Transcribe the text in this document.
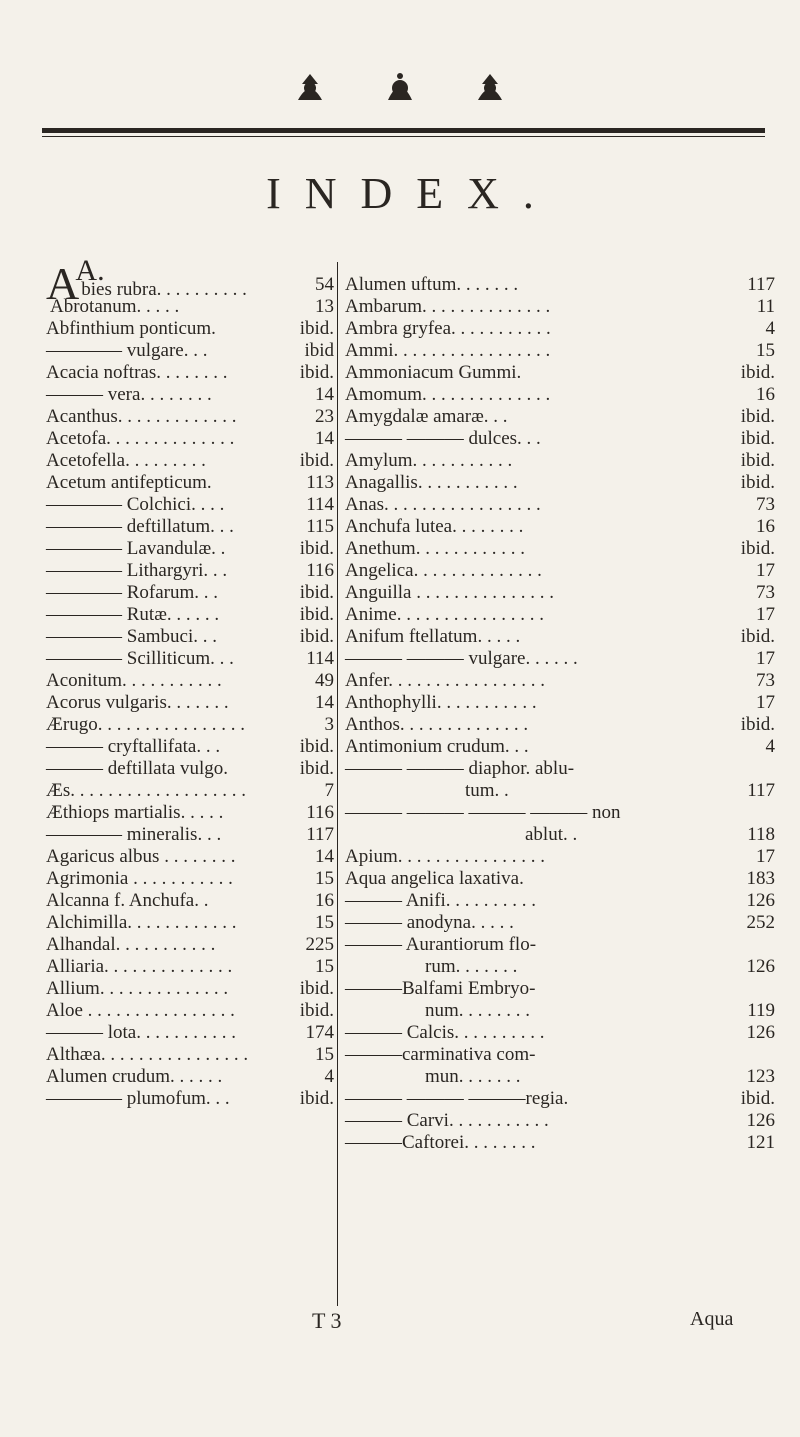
INDEX.
A.
Abies rubra. . . . . . . . . .	54
Abrotanum. . . . .	13
Abfinthium ponticum.	ibid.
———— vulgare. . .	ibid
Acacia noftras. . . . . . . .	ibid.
——— vera. . . . . . . .	14
Acanthus. . . . . . . . . . . . .	23
Acetofa. . . . . . . . . . . . . .	14
Acetofella. . . . . . . . .	ibid.
Acetum antifepticum.	113
———— Colchici. . . .	114
———— deftillatum. . .	115
———— Lavandulæ. .	ibid.
———— Lithargyri. . .	116
———— Rofarum. . .	ibid.
———— Rutæ. . . . . .	ibid.
———— Sambuci. . .	ibid.
———— Scilliticum. . .	114
Aconitum. . . . . . . . . . .	49
Acorus vulgaris. . . . . . .	14
Ærugo. . . . . . . . . . . . . . . .	3
——— cryftallifata. . .	ibid.
——— deftillata vulgo.	ibid.
Æs. . . . . . . . . . . . . . . . . . .	7
Æthiops martialis. . . . .	116
———— mineralis. . .	117
Agaricus albus . . . . . . . .	14
Agrimonia . . . . . . . . . . .	15
Alcanna f. Anchufa. .	16
Alchimilla. . . . . . . . . . . .	15
Alhandal. . . . . . . . . . .	225
Alliaria. . . . . . . . . . . . . .	15
Allium. . . . . . . . . . . . . .	ibid.
Aloe . . . . . . . . . . . . . . . .	ibid.
——— lota. . . . . . . . . . .	174
Althæa. . . . . . . . . . . . . . . .	15
Alumen crudum. . . . . .	4
———— plumofum. . .	ibid.
Alumen uftum. . . . . . .	117
Ambarum. . . . . . . . . . . . . .	11
Ambra gryfea. . . . . . . . . . .	4
Ammi. . . . . . . . . . . . . . . . .	15
Ammoniacum Gummi.	ibid.
Amomum. . . . . . . . . . . . . .	16
Amygdalæ amaræ. . .	ibid.
——— ——— dulces. . .	ibid.
Amylum. . . . . . . . . . .	ibid.
Anagallis. . . . . . . . . . .	ibid.
Anas. . . . . . . . . . . . . . . . .	73
Anchufa lutea. . . . . . . .	16
Anethum. . . . . . . . . . . .	ibid.
Angelica. . . . . . . . . . . . . .	17
Anguilla . . . . . . . . . . . . . . .	73
Anime. . . . . . . . . . . . . . . .	17
Anifum ftellatum. . . . .	ibid.
——— ——— vulgare. . . . . .	17
Anfer. . . . . . . . . . . . . . . . .	73
Anthophylli. . . . . . . . . . .	17
Anthos. . . . . . . . . . . . . .	ibid.
Antimonium crudum. . .	4
——— ——— diaphor. ablu-
tum. .	117
——— ——— ——— ——— non
ablut. .	118
Apium. . . . . . . . . . . . . . . .	17
Aqua angelica laxativa.	183
——— Anifi. . . . . . . . . .	126
——— anodyna. . . . .	252
——— Aurantiorum flo-
rum. . . . . . .	126
———Balfami Embryo-
num. . . . . . . .	119
——— Calcis. . . . . . . . . .	126
———carminativa com-
mun. . . . . . .	123
——— ——— ———regia.	ibid.
——— Carvi. . . . . . . . . . .	126
———Caftorei. . . . . . . .	121
T 3	Aqua
